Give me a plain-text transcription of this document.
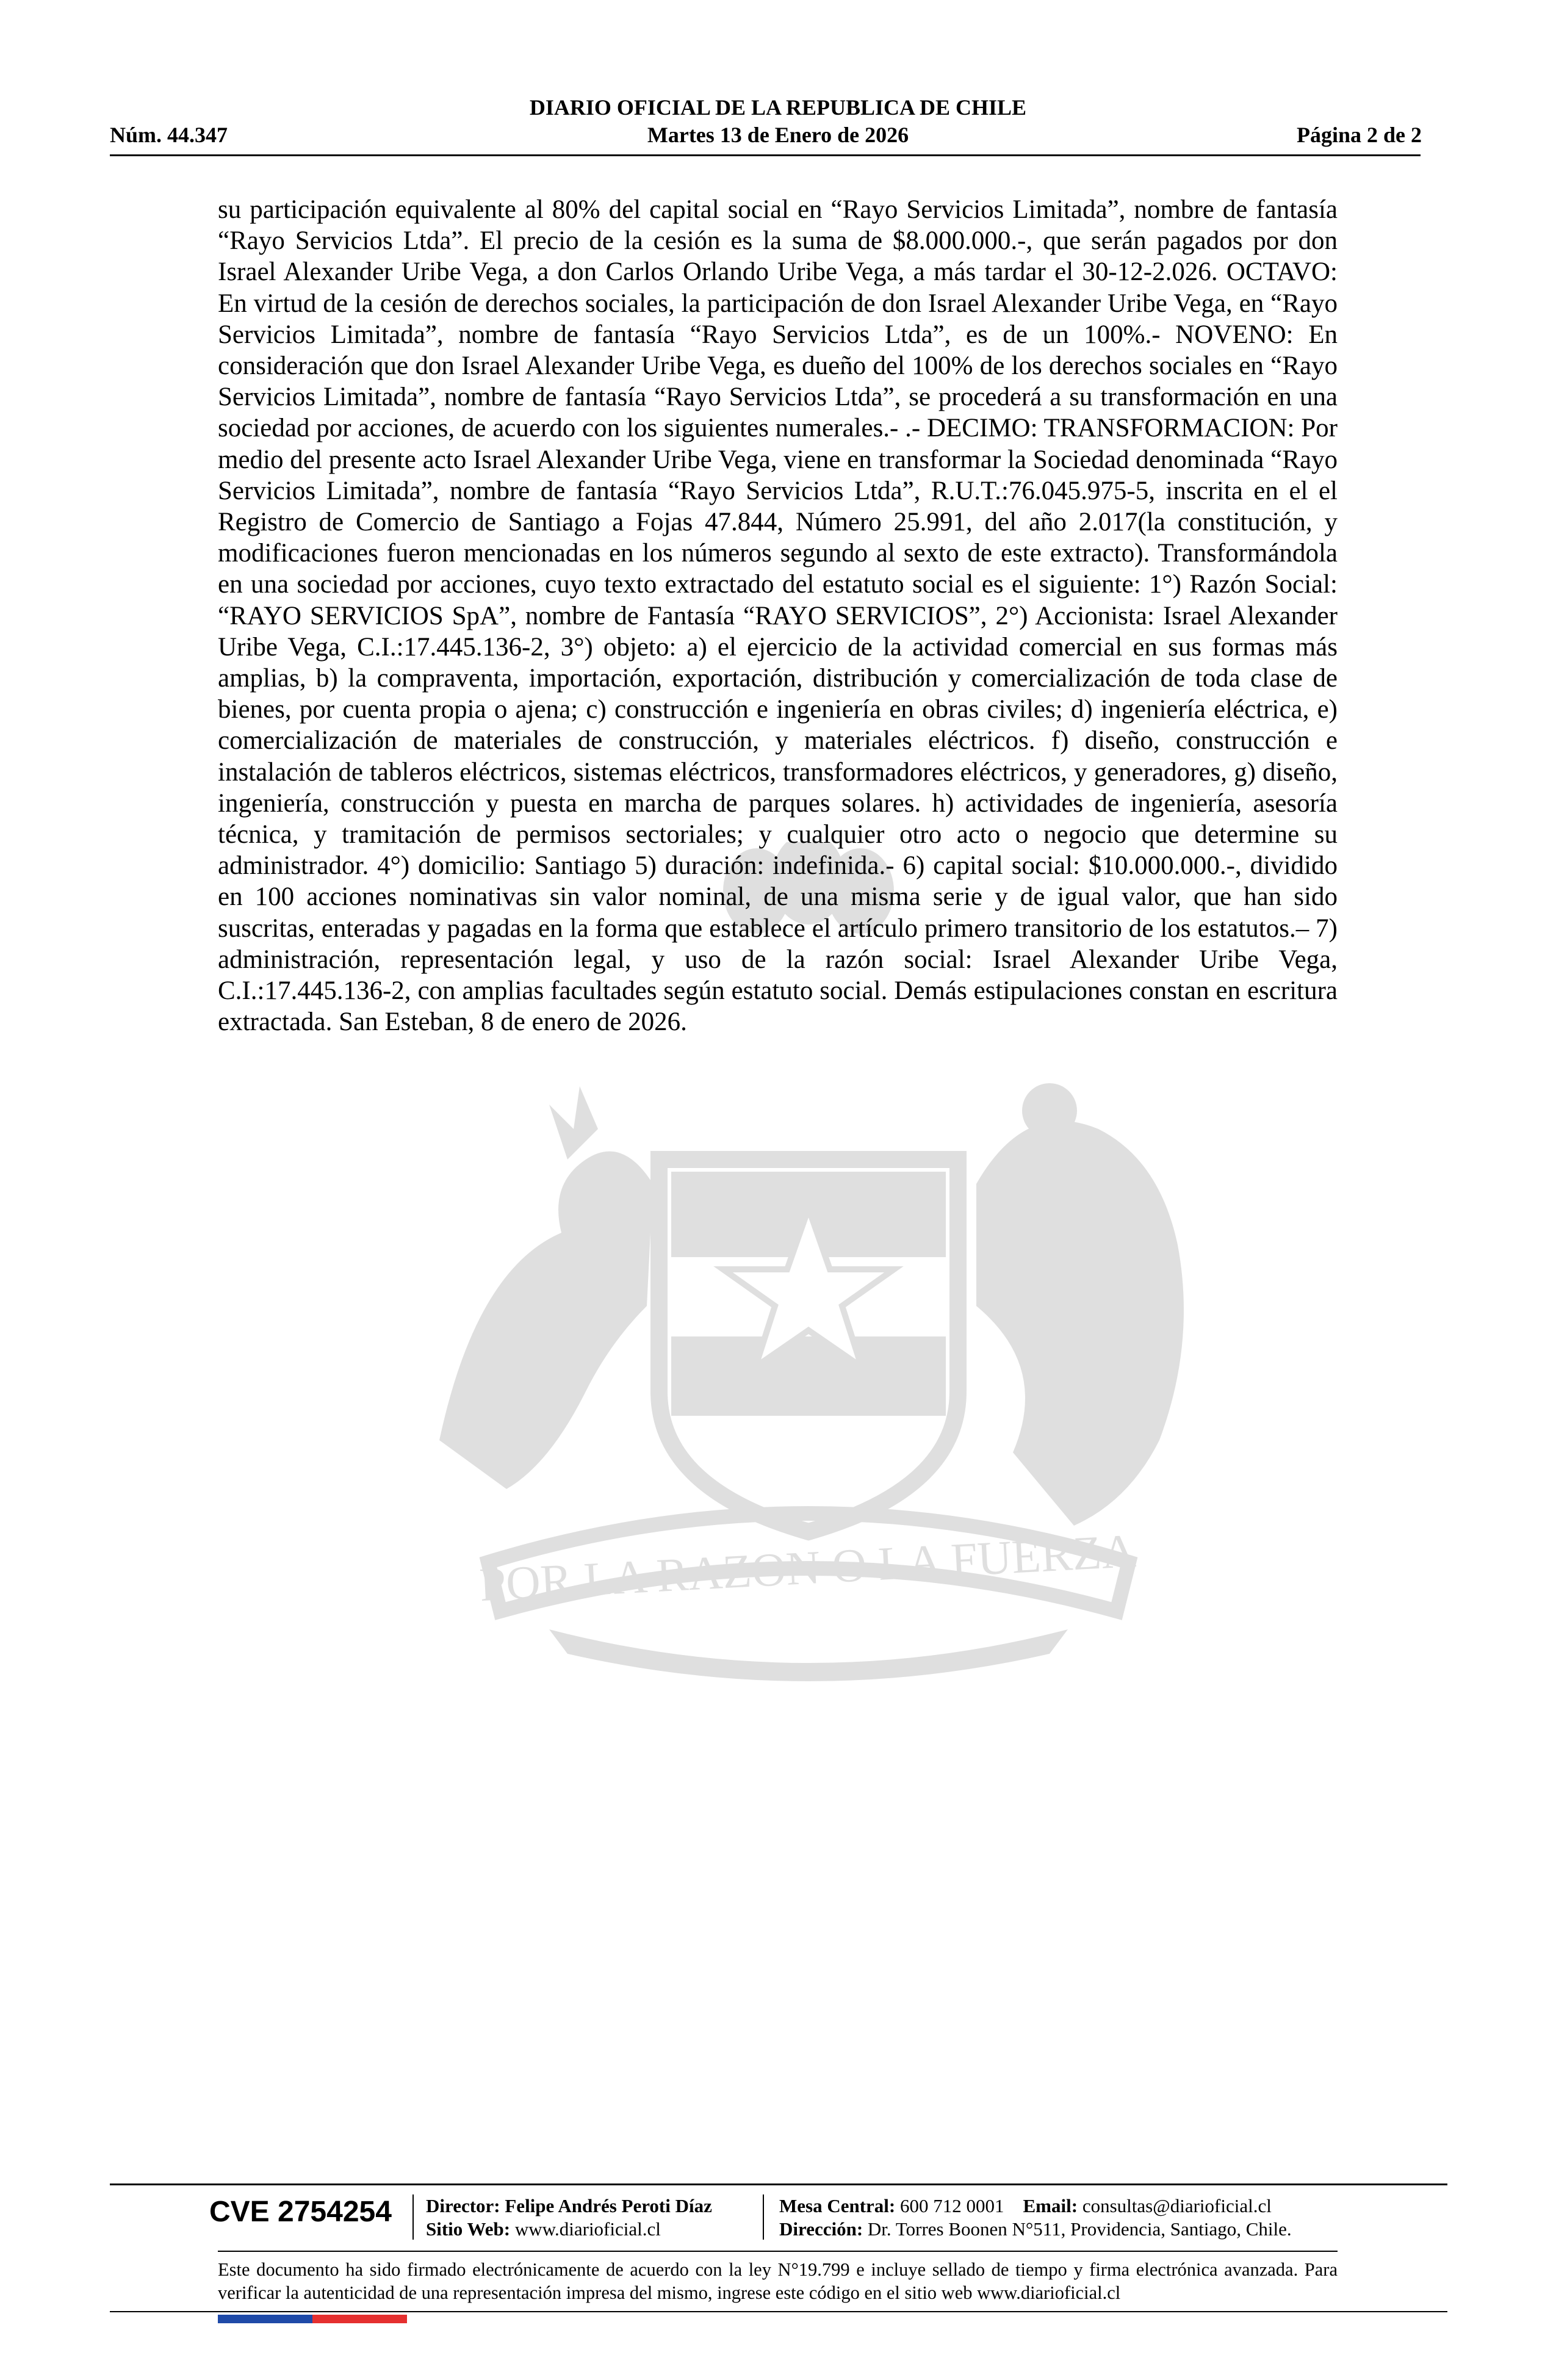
DIARIO OFICIAL DE LA REPUBLICA DE CHILE
Núm. 44.347	Martes 13 de Enero de 2026	Página 2 de 2
POR LA RAZON O LA FUERZA

su participación equivalente al 80% del capital social en “Rayo Servicios Limitada”, nombre de fantasía “Rayo Servicios Ltda”. El precio de la cesión es la suma de $8.000.000.-, que serán pagados por don Israel Alexander Uribe Vega, a don Carlos Orlando Uribe Vega, a más tardar el 30-12-2.026. OCTAVO: En virtud de la cesión de derechos sociales, la participación de don Israel Alexander Uribe Vega, en “Rayo Servicios Limitada”, nombre de fantasía “Rayo Servicios Ltda”, es de un 100%.- NOVENO: En consideración que don Israel Alexander Uribe Vega, es dueño del 100% de los derechos sociales en “Rayo Servicios Limitada”, nombre de fantasía “Rayo Servicios Ltda”, se procederá a su transformación en una sociedad por acciones, de acuerdo con los siguientes numerales.- .- DECIMO: TRANSFORMACION: Por medio del presente acto Israel Alexander Uribe Vega, viene en transformar la Sociedad denominada “Rayo Servicios Limitada”, nombre de fantasía “Rayo Servicios Ltda”, R.U.T.:76.045.975-5, inscrita en el el Registro de Comercio de Santiago a Fojas 47.844, Número 25.991, del año 2.017(la constitución, y modificaciones fueron mencionadas en los números segundo al sexto de este extracto). Transformándola en una sociedad por acciones, cuyo texto extractado del estatuto social es el siguiente: 1°) Razón Social: “RAYO SERVICIOS SpA”, nombre de Fantasía “RAYO SERVICIOS”, 2°) Accionista: Israel Alexander Uribe Vega, C.I.:17.445.136-2, 3°) objeto: a) el ejercicio de la actividad comercial en sus formas más amplias, b) la compraventa, importación, exportación, distribución y comercialización de toda clase de bienes, por cuenta propia o ajena; c) construcción e ingeniería en obras civiles; d) ingeniería eléctrica, e) comercialización de materiales de construcción, y materiales eléctricos. f) diseño, construcción e instalación de tableros eléctricos, sistemas eléctricos, transformadores eléctricos, y generadores, g) diseño, ingeniería, construcción y puesta en marcha de parques solares. h) actividades de ingeniería, asesoría técnica, y tramitación de permisos sectoriales; y cualquier otro acto o negocio que determine su administrador. 4°) domicilio: Santiago 5) duración: indefinida.- 6) capital social: $10.000.000.-, dividido en 100 acciones nominativas sin valor nominal, de una misma serie y de igual valor, que han sido suscritas, enteradas y pagadas en la forma que establece el artículo primero transitorio de los estatutos.– 7) administración, representación legal, y uso de la razón social: Israel Alexander Uribe Vega, C.I.:17.445.136-2, con amplias facultades según estatuto social. Demás estipulaciones constan en escritura extractada. San Esteban, 8 de enero de 2026.

CVE 2754254 Director: Felipe Andrés Peroti Díaz
Sitio Web: www.diarioficial.cl
Mesa Central: 600 712 0001 Email: consultas@diarioficial.cl
Dirección: Dr. Torres Boonen N°511, Providencia, Santiago, Chile.

Este documento ha sido firmado electrónicamente de acuerdo con la ley N°19.799 e incluye sellado de tiempo y firma electrónica avanzada. Para verificar la autenticidad de una representación impresa del mismo, ingrese este código en el sitio web www.diarioficial.cl
